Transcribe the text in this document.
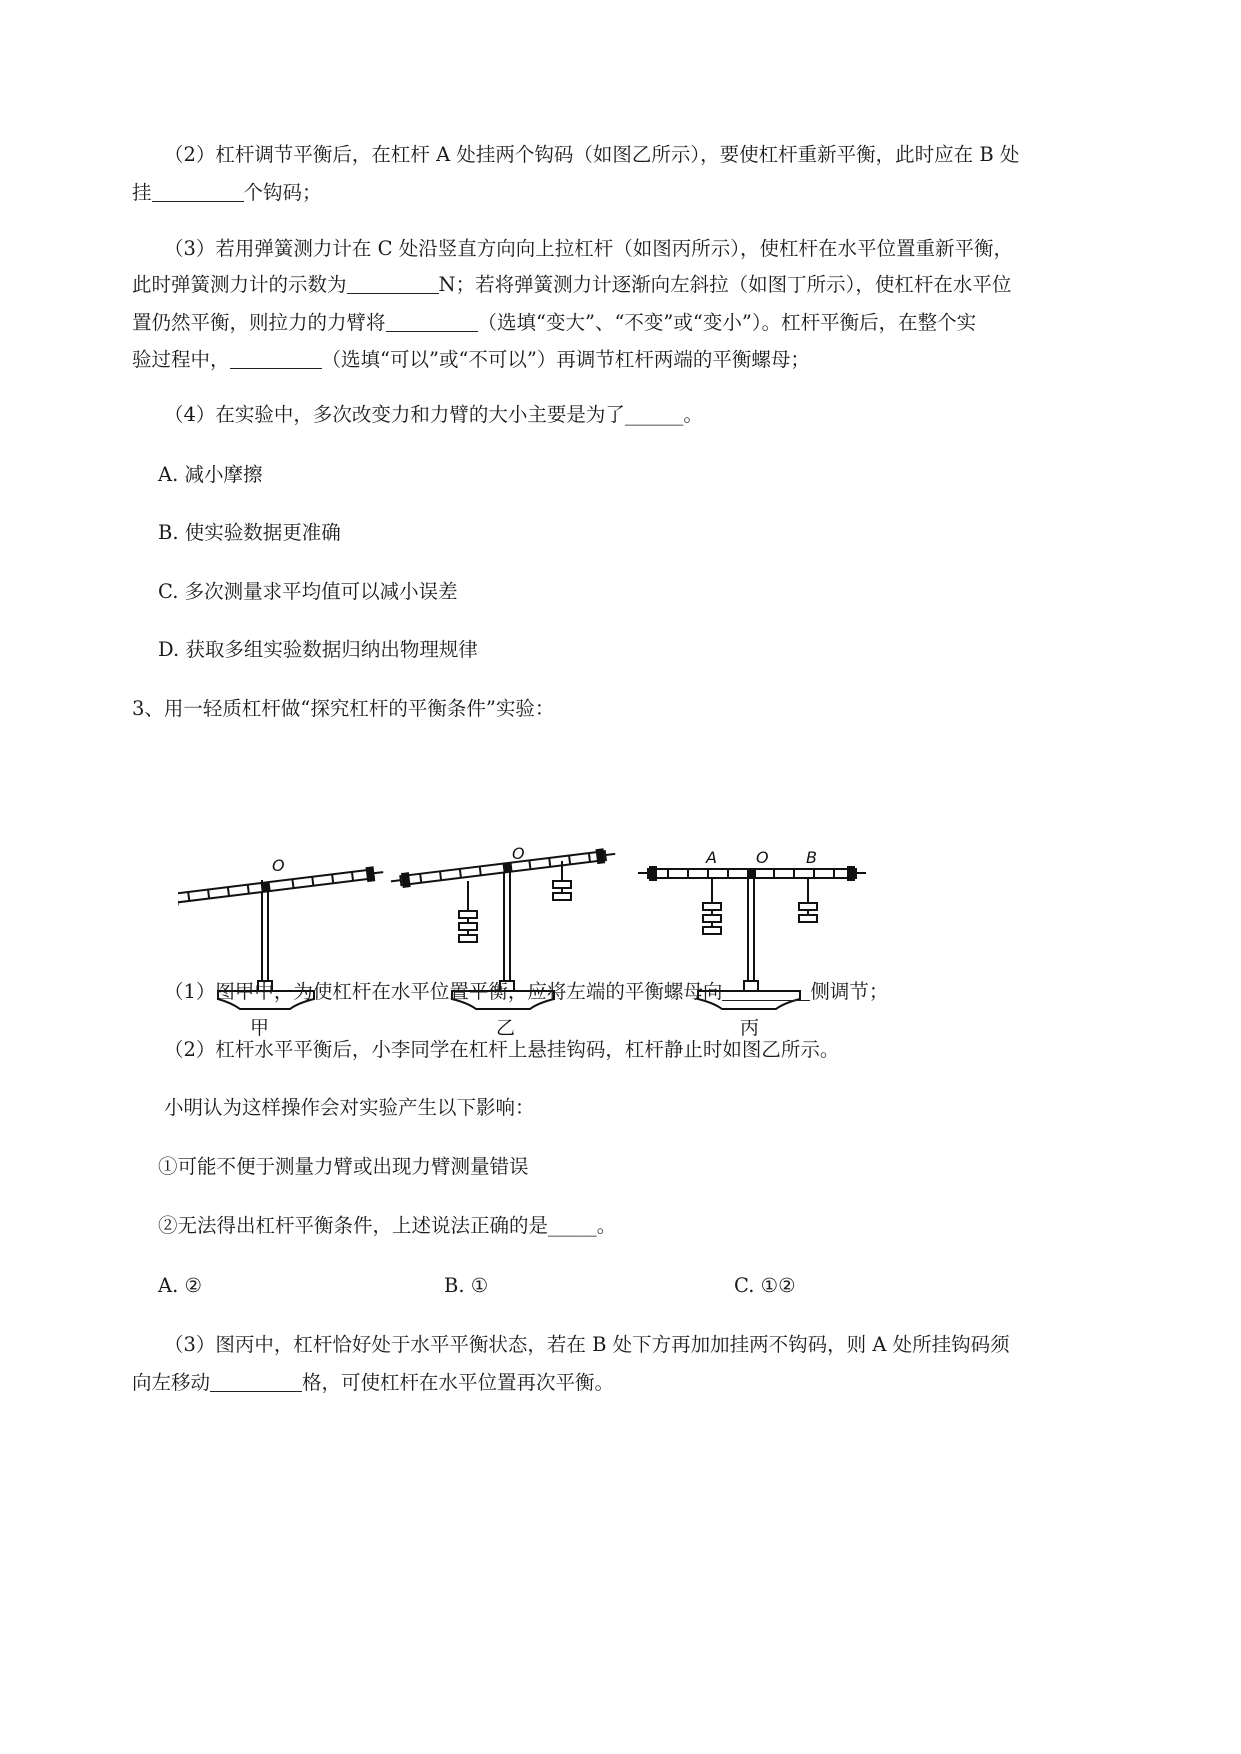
（2）杠杆调节平衡后，在杠杆 A 处挂两个钩码（如图乙所示），要使杠杆重新平衡，此时应在 B 处
挂	个钩码；
（3）若用弹簧测力计在 C 处沿竖直方向向上拉杠杆（如图丙所示），使杠杆在水平位置重新平衡，
此时弹簧测力计的示数为	N；若将弹簧测力计逐渐向左斜拉（如图丁所示），使杠杆在水平位
置仍然平衡，则拉力的力臂将	（选填“变大”、“不变”或“变小”）。杠杆平衡后，在整个实
验过程中，	（选填“可以”或“不可以”）再调节杠杆两端的平衡螺母；
（4）在实验中，多次改变力和力臂的大小主要是为了______。
A. 减小摩擦
B. 使实验数据更准确
C. 多次测量求平均值可以减小误差
D. 获取多组实验数据归纳出物理规律
3、用一轻质杠杆做“探究杠杆的平衡条件”实验：
O
甲
O
乙
A O B
丙
（1）图甲中，为使杠杆在水平位置平衡，应将左端的平衡螺母向	侧调节；
（2）杠杆水平平衡后，小李同学在杠杆上悬挂钩码，杠杆静止时如图乙所示。
小明认为这样操作会对实验产生以下影响：
①可能不便于测量力臂或出现力臂测量错误
②无法得出杠杆平衡条件，上述说法正确的是_____。
A. ②	B. ①	C. ①②
（3）图丙中，杠杆恰好处于水平平衡状态，若在 B 处下方再加加挂两不钩码，则 A 处所挂钩码须
向左移动	格，可使杠杆在水平位置再次平衡。
